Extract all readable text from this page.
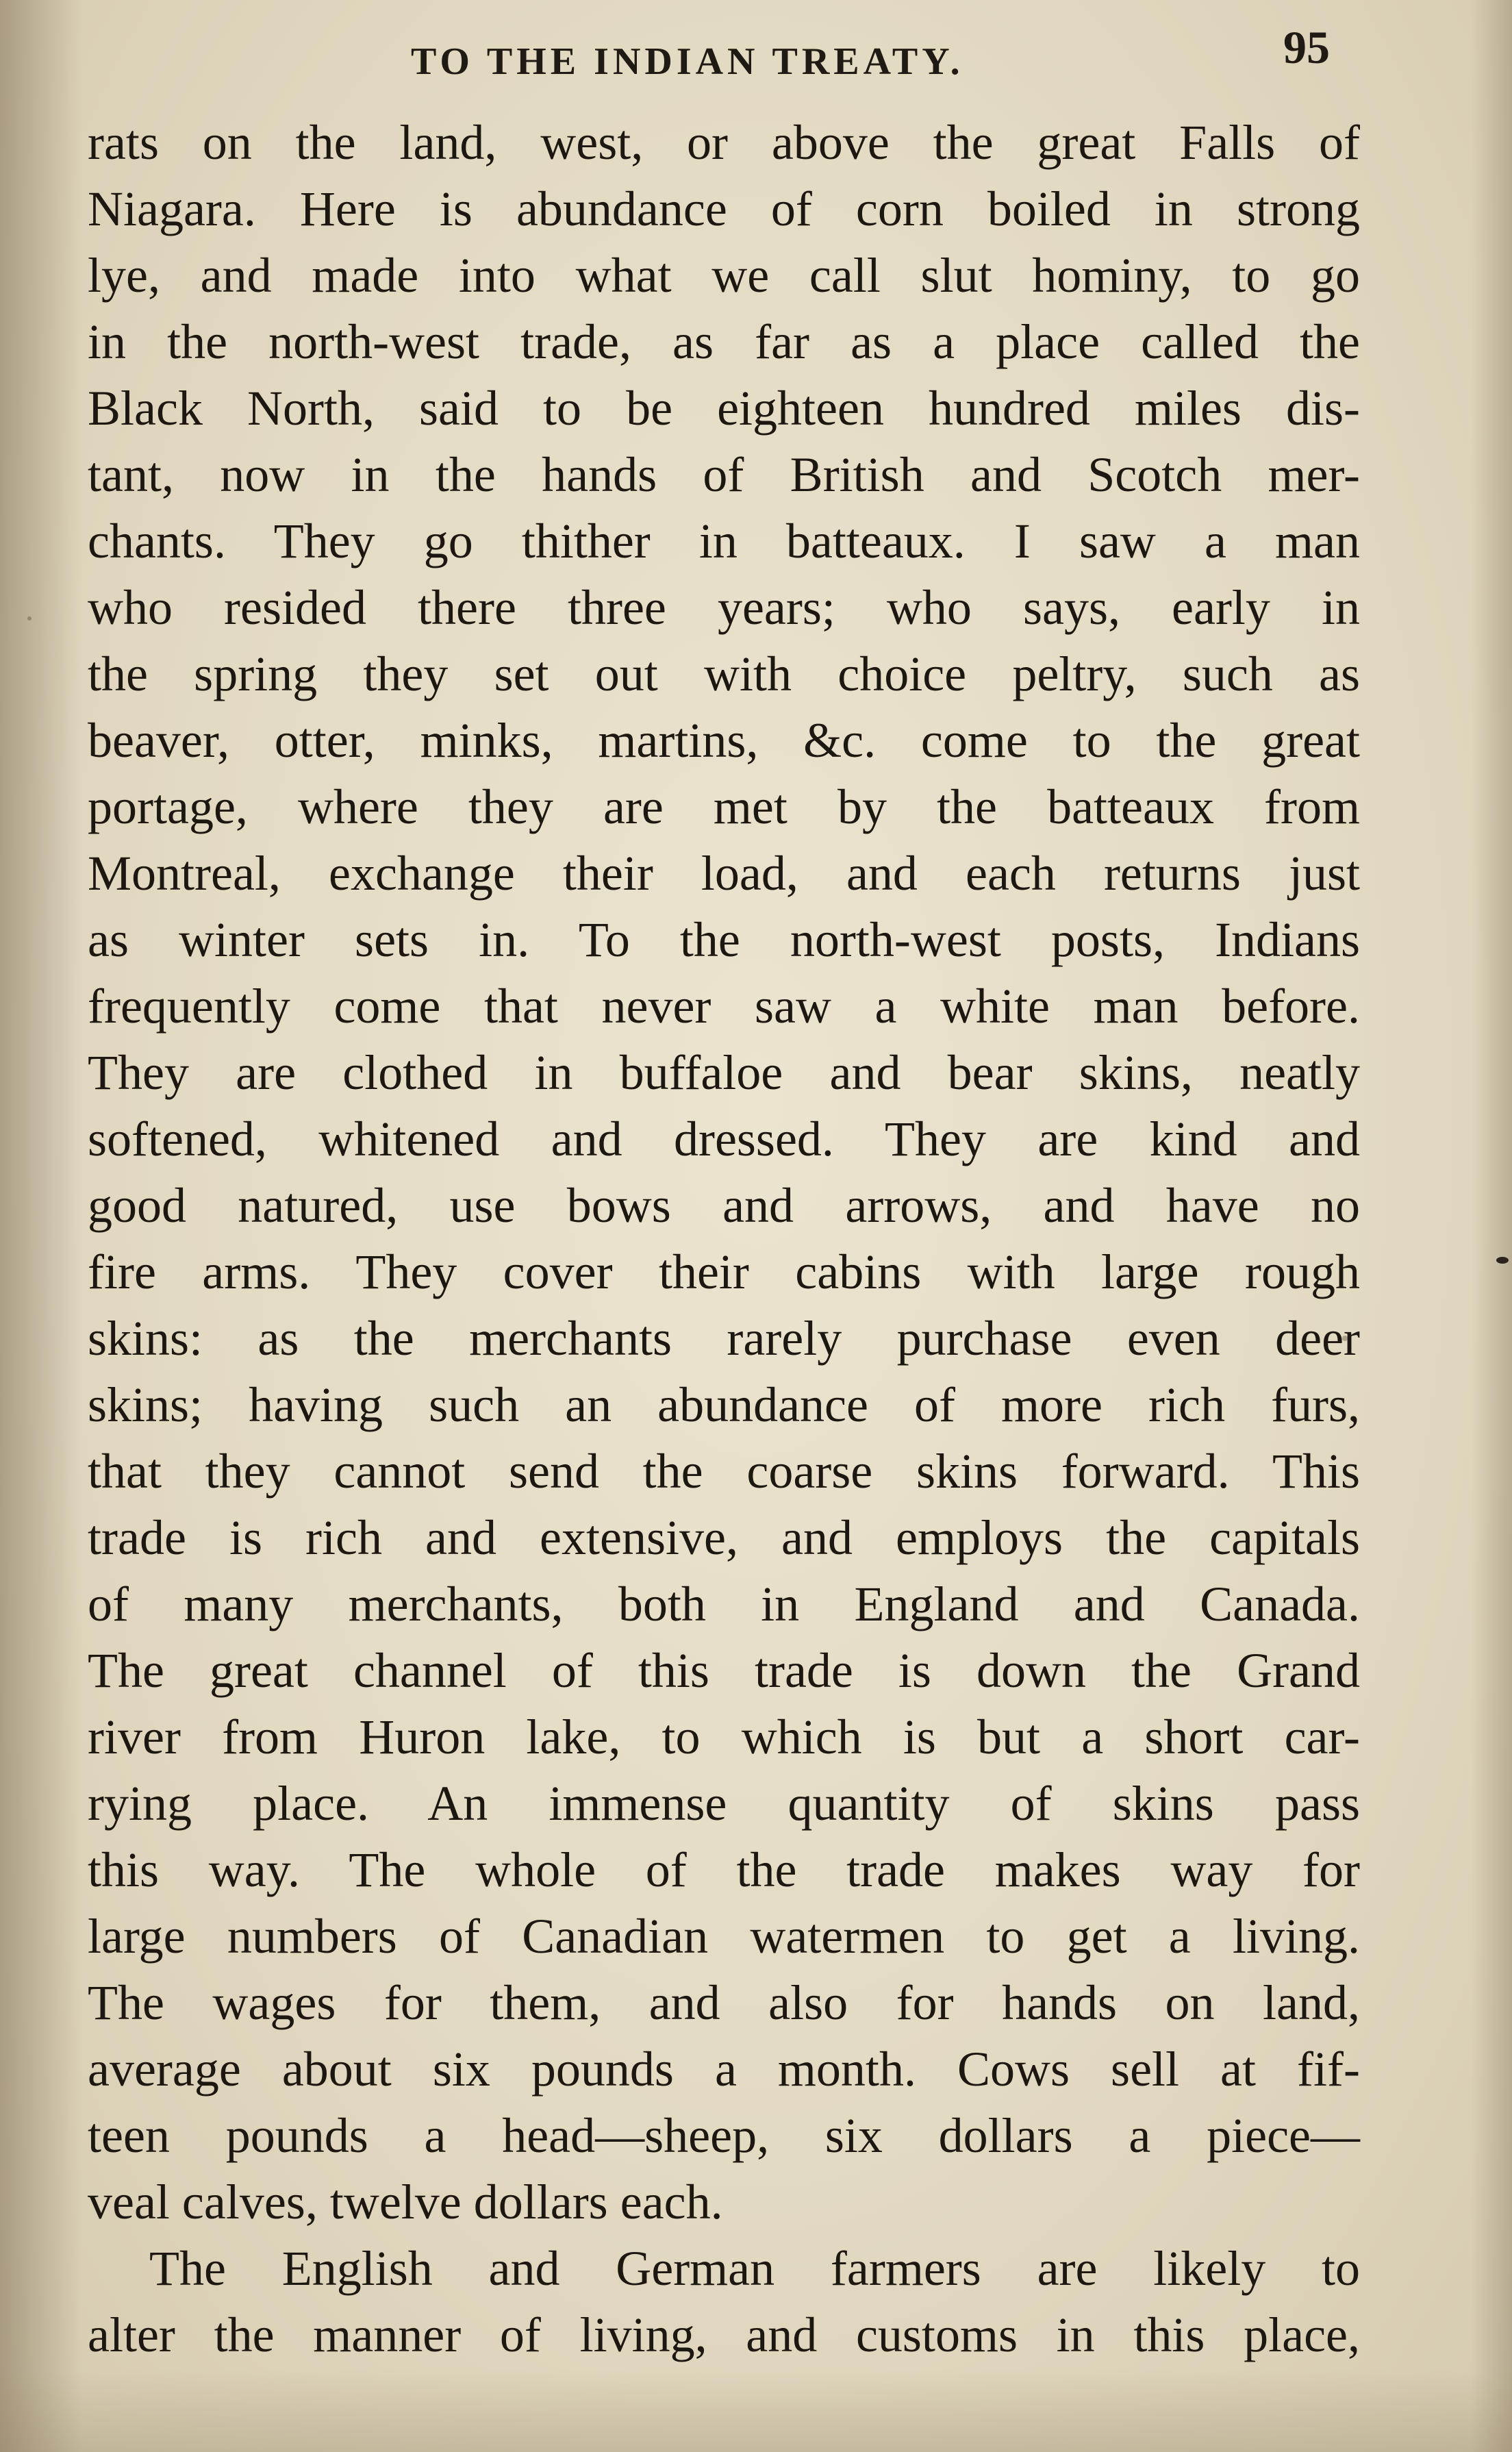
TO THE INDIAN TREATY.	95
rats on the land, west, or above the great Falls of
Niagara. Here is abundance of corn boiled in strong
lye, and made into what we call slut hominy, to go
in the north-west trade, as far as a place called the
Black North, said to be eighteen hundred miles dis-
tant, now in the hands of British and Scotch mer-
chants. They go thither in batteaux. I saw a man
who resided there three years; who says, early in
the spring they set out with choice peltry, such as
beaver, otter, minks, martins, &c. come to the great
portage, where they are met by the batteaux from
Montreal, exchange their load, and each returns just
as winter sets in. To the north-west posts, Indians
frequently come that never saw a white man before.
They are clothed in buffaloe and bear skins, neatly
softened, whitened and dressed. They are kind and
good natured, use bows and arrows, and have no
fire arms. They cover their cabins with large rough
skins: as the merchants rarely purchase even deer
skins; having such an abundance of more rich furs,
that they cannot send the coarse skins forward. This
trade is rich and extensive, and employs the capitals
of many merchants, both in England and Canada.
The great channel of this trade is down the Grand
river from Huron lake, to which is but a short car-
rying place. An immense quantity of skins pass
this way. The whole of the trade makes way for
large numbers of Canadian watermen to get a living.
The wages for them, and also for hands on land,
average about six pounds a month. Cows sell at fif-
teen pounds a head—sheep, six dollars a piece—
veal calves, twelve dollars each.
The English and German farmers are likely to
alter the manner of living, and customs in this place,
